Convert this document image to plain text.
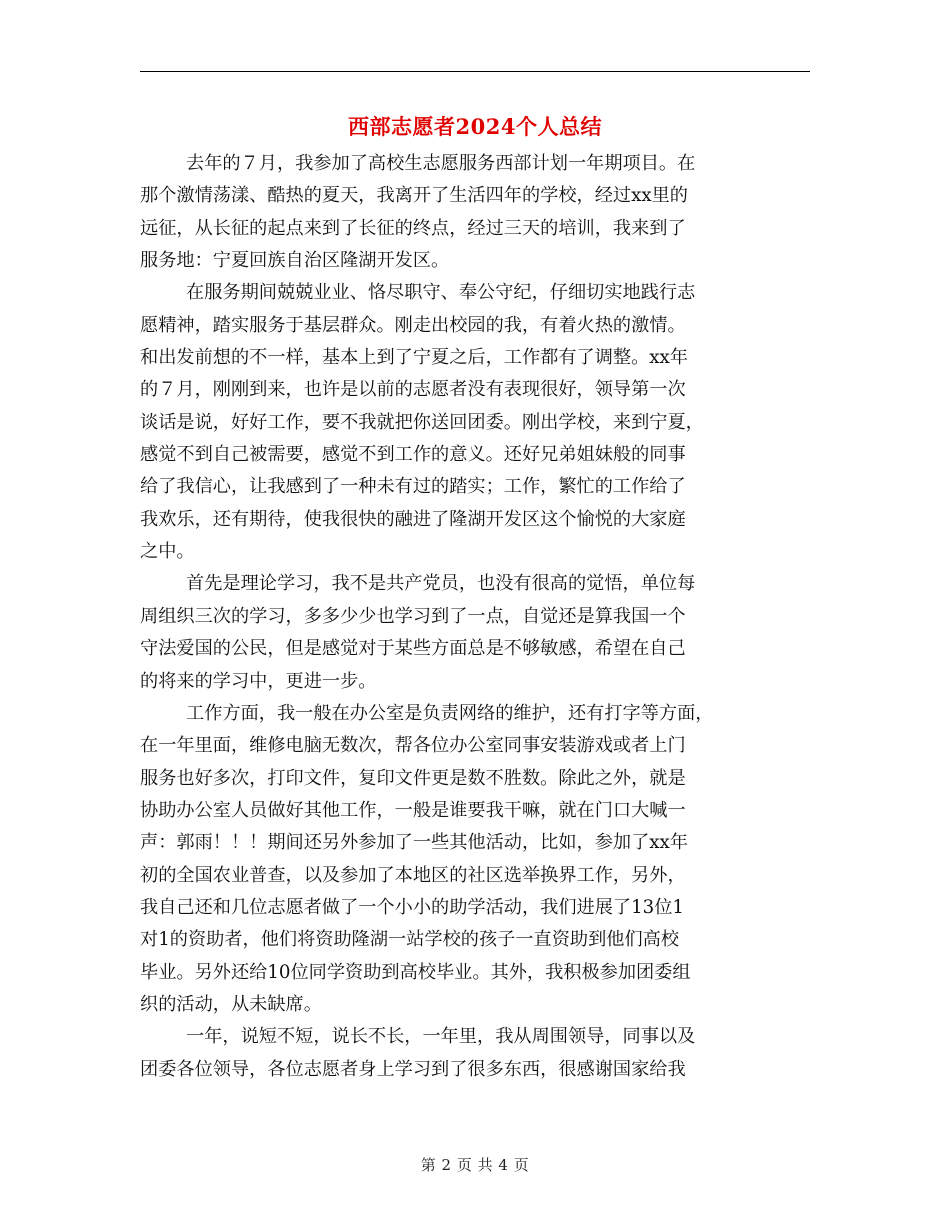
西部志愿者2024个人总结
去年的７月，我参加了高校生志愿服务西部计划一年期项目。在
那个激情荡漾、酷热的夏天，我离开了生活四年的学校，经过xx里的
远征，从长征的起点来到了长征的终点，经过三天的培训，我来到了
服务地：宁夏回族自治区隆湖开发区。
在服务期间兢兢业业、恪尽职守、奉公守纪，仔细切实地践行志
愿精神，踏实服务于基层群众。刚走出校园的我，有着火热的激情。
和出发前想的不一样，基本上到了宁夏之后，工作都有了调整。xx年
的７月，刚刚到来，也许是以前的志愿者没有表现很好，领导第一次
谈话是说，好好工作，要不我就把你送回团委。刚出学校，来到宁夏，
感觉不到自己被需要，感觉不到工作的意义。还好兄弟姐妹般的同事
给了我信心，让我感到了一种未有过的踏实；工作，繁忙的工作给了
我欢乐，还有期待，使我很快的融进了隆湖开发区这个愉悦的大家庭
之中。
首先是理论学习，我不是共产党员，也没有很高的觉悟，单位每
周组织三次的学习，多多少少也学习到了一点，自觉还是算我国一个
守法爱国的公民，但是感觉对于某些方面总是不够敏感，希望在自己
的将来的学习中，更进一步。
工作方面，我一般在办公室是负责网络的维护，还有打字等方面，
在一年里面，维修电脑无数次，帮各位办公室同事安装游戏或者上门
服务也好多次，打印文件，复印文件更是数不胜数。除此之外，就是
协助办公室人员做好其他工作，一般是谁要我干嘛，就在门口大喊一
声：郭雨！！！期间还另外参加了一些其他活动，比如，参加了xx年
初的全国农业普查，以及参加了本地区的社区选举换界工作，另外，
我自己还和几位志愿者做了一个小小的助学活动，我们进展了13位1
对1的资助者，他们将资助隆湖一站学校的孩子一直资助到他们高校
毕业。另外还给10位同学资助到高校毕业。其外，我积极参加团委组
织的活动，从未缺席。
一年，说短不短，说长不长，一年里，我从周围领导，同事以及
团委各位领导，各位志愿者身上学习到了很多东西，很感谢国家给我
第 2 页 共 4 页
